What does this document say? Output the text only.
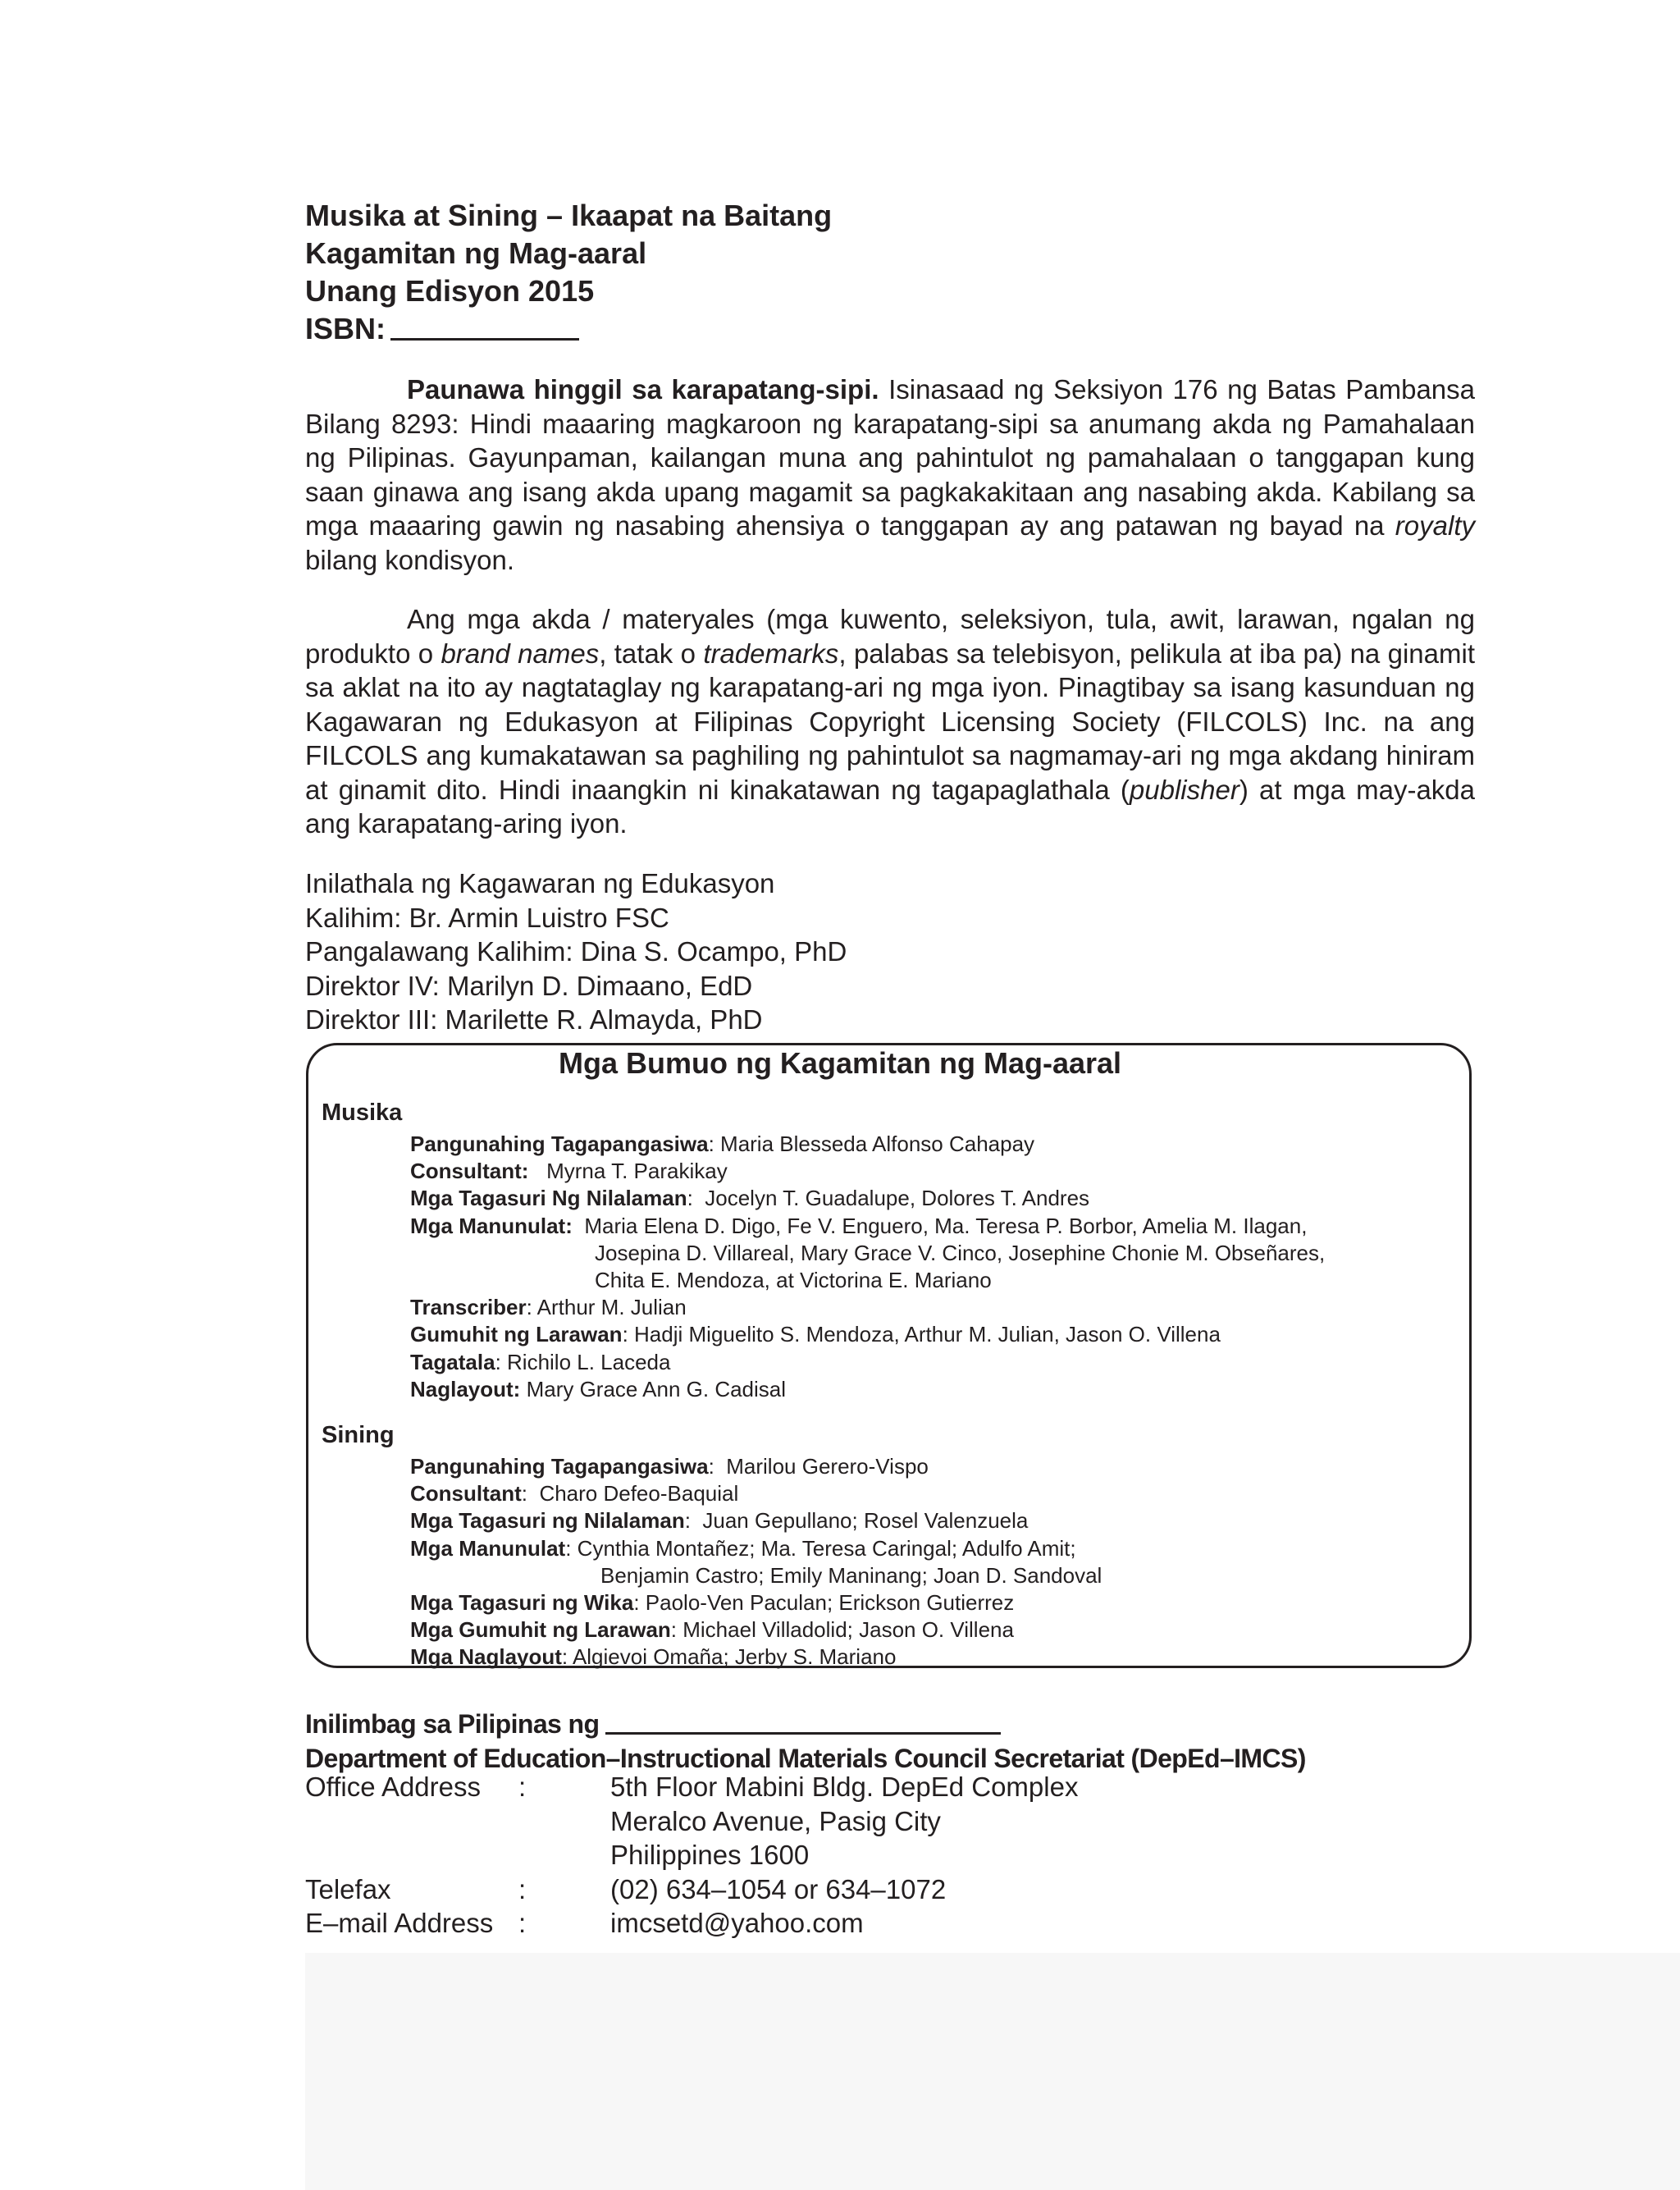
Musika at Sining – Ikaapat na Baitang
Kagamitan ng Mag-aaral
Unang Edisyon 2015
ISBN:

Paunawa hinggil sa karapatang-sipi. Isinasaad ng Seksiyon 176 ng Batas Pambansa Bilang 8293: Hindi maaaring magkaroon ng karapatang-sipi sa anumang akda ng Pamahalaan ng Pilipinas. Gayunpaman, kailangan muna ang pahintulot ng pamahalaan o tanggapan kung saan ginawa ang isang akda upang magamit sa pagkakakitaan ang nasabing akda. Kabilang sa mga maaaring gawin ng nasabing ahensiya o tanggapan ay ang patawan ng bayad na royalty bilang kondisyon.

Ang mga akda / materyales (mga kuwento, seleksiyon, tula, awit, larawan, ngalan ng produkto o brand names, tatak o trademarks, palabas sa telebisyon, pelikula at iba pa) na ginamit sa aklat na ito ay nagtataglay ng karapatang-ari ng mga iyon. Pinagtibay sa isang kasunduan ng Kagawaran ng Edukasyon at Filipinas Copyright Licensing Society (FILCOLS) Inc. na ang FILCOLS ang kumakatawan sa paghiling ng pahintulot sa nagmamay-ari ng mga akdang hiniram at ginamit dito. Hindi inaangkin ni kinakatawan ng tagapaglathala (publisher) at mga may-akda ang karapatang-aring iyon.

Inilathala ng Kagawaran ng Edukasyon
Kalihim: Br. Armin Luistro FSC
Pangalawang Kalihim: Dina S. Ocampo, PhD
Direktor IV: Marilyn D. Dimaano, EdD
Direktor III: Marilette R. Almayda, PhD
Mga Bumuo ng Kagamitan ng Mag-aaral
Musika
Pangunahing Tagapangasiwa: Maria Blesseda Alfonso Cahapay
Consultant: Myrna T. Parakikay
Mga Tagasuri Ng Nilalaman:  Jocelyn T. Guadalupe, Dolores T. Andres
Mga Manunulat: Maria Elena D. Digo, Fe V. Enguero, Ma. Teresa P. Borbor, Amelia M. Ilagan,
Josepina D. Villareal, Mary Grace V. Cinco, Josephine Chonie M. Obseñares,
Chita E. Mendoza, at Victorina E. Mariano
Transcriber: Arthur M. Julian
Gumuhit ng Larawan: Hadji Miguelito S. Mendoza, Arthur M. Julian, Jason O. Villena
Tagatala: Richilo L. Laceda
Naglayout: Mary Grace Ann G. Cadisal
Sining
Pangunahing Tagapangasiwa:  Marilou Gerero-Vispo
Consultant:  Charo Defeo-Baquial
Mga Tagasuri ng Nilalaman:  Juan Gepullano; Rosel Valenzuela
Mga Manunulat: Cynthia Montañez; Ma. Teresa Caringal; Adulfo Amit;
Benjamin Castro; Emily Maninang; Joan D. Sandoval
Mga Tagasuri ng Wika: Paolo-Ven Paculan; Erickson Gutierrez
Mga Gumuhit ng Larawan: Michael Villadolid; Jason O. Villena
Mga Naglayout: Algievoi Omaña; Jerby S. Mariano
Inilimbag sa Pilipinas ng
Department of Education–Instructional Materials Council Secretariat (DepEd–IMCS)
Office Address	:	5th Floor Mabini Bldg. DepEd Complex
Meralco Avenue, Pasig City
Philippines 1600
Telefax	:	(02) 634–1054 or 634–1072
E–mail Address :	imcsetd@yahoo.com
